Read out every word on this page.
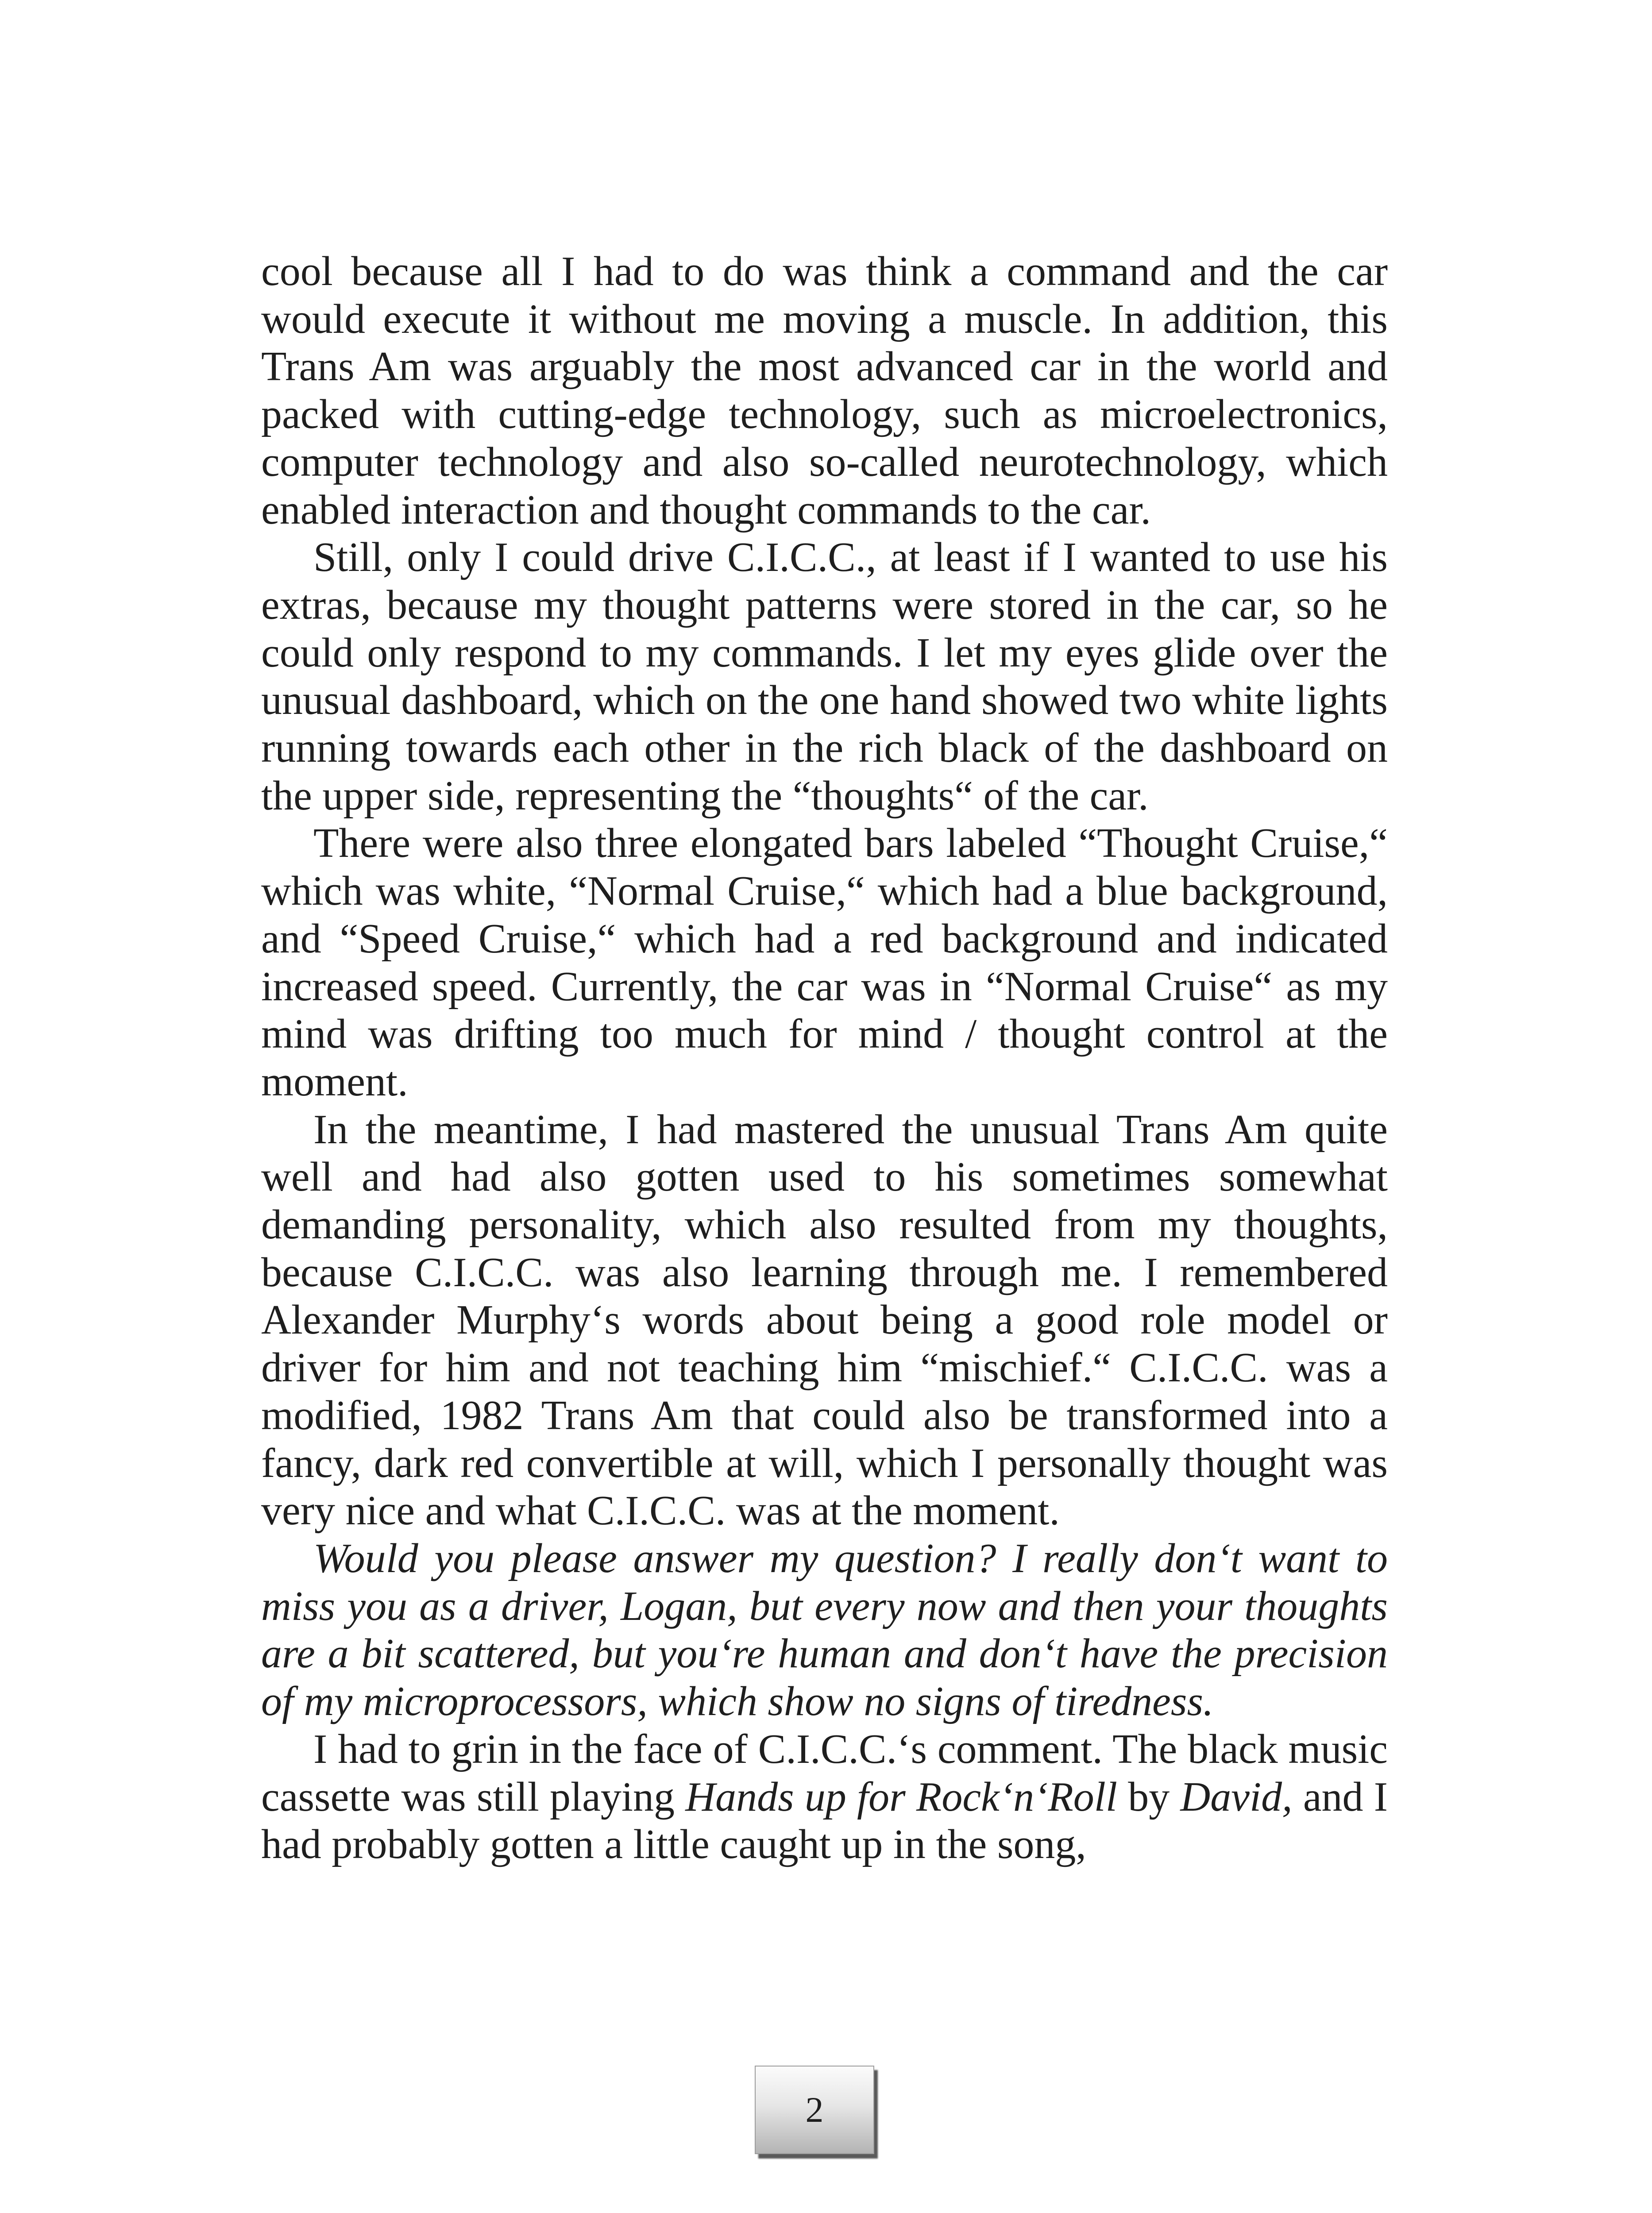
cool because all I had to do was think a command and the car would execute it without me moving a muscle. In addition, this Trans Am was arguably the most advanced car in the world and packed with cutting-edge technology, such as microelectronics, computer technology and also so-called neurotechnology, which enabled interaction and thought commands to the car.

Still, only I could drive C.I.C.C., at least if I wanted to use his extras, because my thought patterns were stored in the car, so he could only respond to my commands. I let my eyes glide over the unusual dashboard, which on the one hand showed two white lights running towards each other in the rich black of the dashboard on the upper side, representing the “thoughts“ of the car.

There were also three elongated bars labeled “Thought Cruise,“ which was white, “Normal Cruise,“ which had a blue background, and “Speed Cruise,“ which had a red background and indicated increased speed. Currently, the car was in “Normal Cruise“ as my mind was drifting too much for mind / thought control at the moment.

In the meantime, I had mastered the unusual Trans Am quite well and had also gotten used to his sometimes somewhat demanding personality, which also resulted from my thoughts, because C.I.C.C. was also learning through me. I remembered Alexander Murphy‘s words about being a good role model or driver for him and not teaching him “mischief.“ C.I.C.C. was a modified, 1982 Trans Am that could also be transformed into a fancy, dark red convertible at will, which I personally thought was very nice and what C.I.C.C. was at the moment.

Would you please answer my question? I really don‘t want to miss you as a driver, Logan, but every now and then your thoughts are a bit scattered, but you‘re human and don‘t have the precision of my microprocessors, which show no signs of tiredness.

I had to grin in the face of C.I.C.C.‘s comment. The black music cassette was still playing Hands up for Rock‘n‘Roll by David, and I had probably gotten a little caught up in the song,

2
